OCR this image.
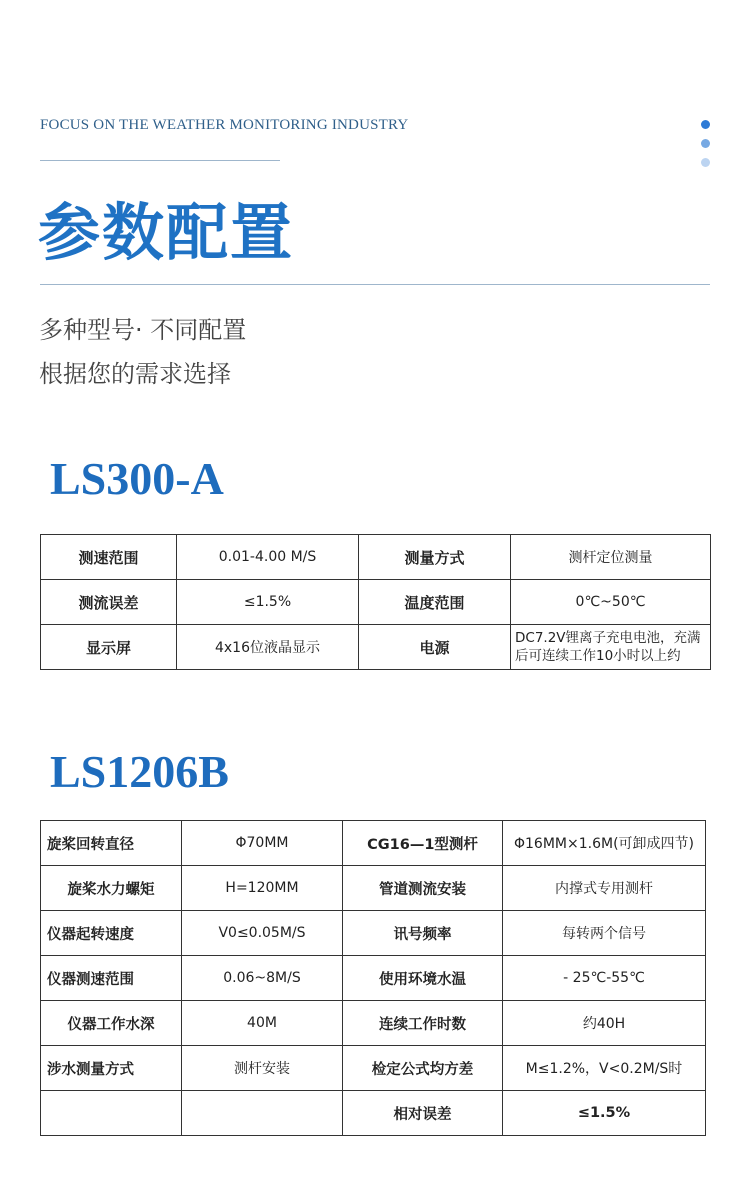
FOCUS ON THE WEATHER MONITORING INDUSTRY
参数配置
多种型号· 不同配置
根据您的需求选择
LS300-A
测速范围	0.01-4.00 M/S	测量方式	测杆定位测量
测流误差	≤1.5%	温度范围	0℃~50℃
显示屏	4x16位液晶显示	电源	DC7.2V锂离子充电电池，充满后可连续工作10小时以上约
LS1206B
旋桨回转直径	Φ70MM	CG16—1型测杆	Φ16MM×1.6M(可卸成四节)
旋桨水力螺矩	H=120MM	管道测流安装	内撑式专用测杆
仪器起转速度	V0≤0.05M/S	讯号频率	每转两个信号
仪器测速范围	0.06~8M/S	使用环境水温	- 25℃-55℃
仪器工作水深	40M	连续工作时数	约40H
涉水测量方式	测杆安装	检定公式均方差	M≤1.2%，V<0.2M/S时
		相对误差	≤1.5%
